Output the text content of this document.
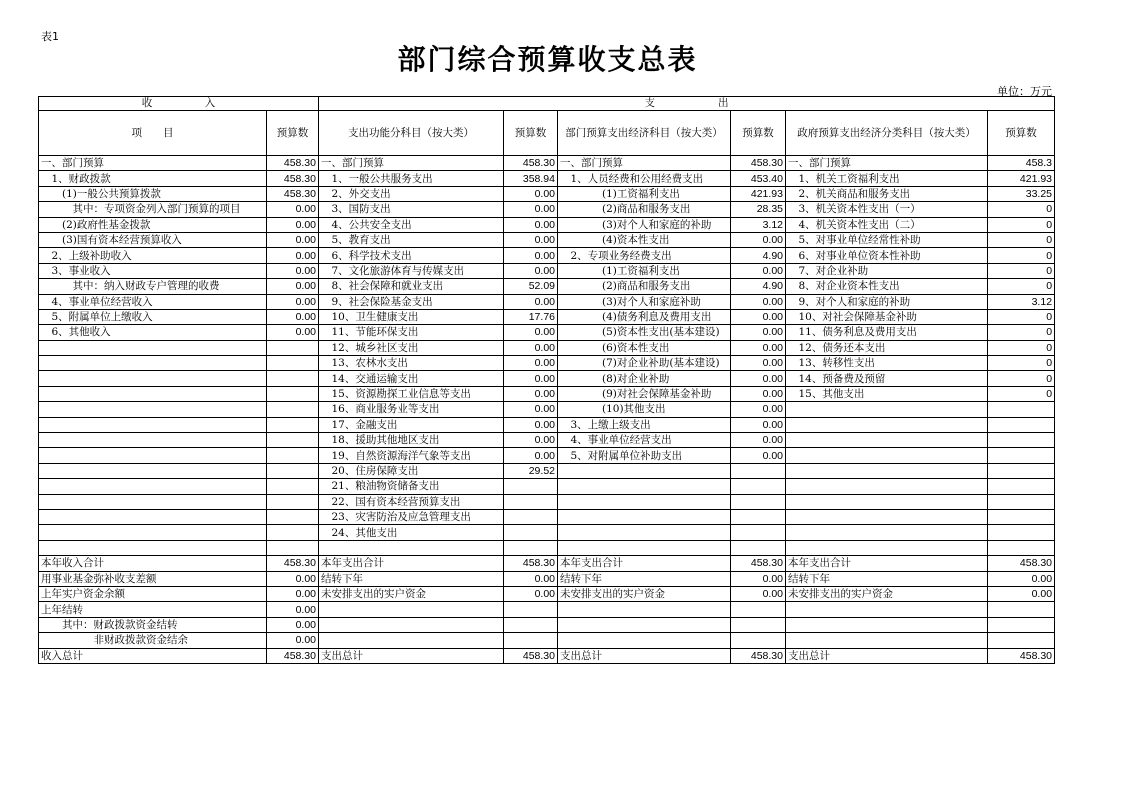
表1
部门综合预算收支总表
单位：万元
收　　　　　入		支　　　　　　出					
项　　目	预算数	支出功能分科目（按大类）	预算数	部门预算支出经济科目（按大类）	预算数	政府预算支出经济分类科目（按大类）	预算数
一、部门预算	458.30	一、部门预算	458.30	一、部门预算	458.30	一、部门预算	458.3
　1、财政拨款	458.30	　1、一般公共服务支出	358.94	　1、人员经费和公用经费支出	453.40	　1、机关工资福利支出	421.93
　　(1)一般公共预算拨款	458.30	　2、外交支出	0.00	　　　　(1)工资福利支出	421.93	　2、机关商品和服务支出	33.25
　　　其中：专项资金列入部门预算的项目	0.00	　3、国防支出	0.00	　　　　(2)商品和服务支出	28.35	　3、机关资本性支出（一）	0
　　(2)政府性基金拨款	0.00	　4、公共安全支出	0.00	　　　　(3)对个人和家庭的补助	3.12	　4、机关资本性支出（二）	0
　　(3)国有资本经营预算收入	0.00	　5、教育支出	0.00	　　　　(4)资本性支出	0.00	　5、对事业单位经常性补助	0
　2、上级补助收入	0.00	　6、科学技术支出	0.00	　2、专项业务经费支出	4.90	　6、对事业单位资本性补助	0
　3、事业收入	0.00	　7、文化旅游体育与传媒支出	0.00	　　　　(1)工资福利支出	0.00	　7、对企业补助	0
　　　其中：纳入财政专户管理的收费	0.00	　8、社会保障和就业支出	52.09	　　　　(2)商品和服务支出	4.90	　8、对企业资本性支出	0
　4、事业单位经营收入	0.00	　9、社会保险基金支出	0.00	　　　　(3)对个人和家庭补助	0.00	　9、对个人和家庭的补助	3.12
　5、附属单位上缴收入	0.00	　10、卫生健康支出	17.76	　　　　(4)债务利息及费用支出	0.00	　10、对社会保障基金补助	0
　6、其他收入	0.00	　11、节能环保支出	0.00	　　　　(5)资本性支出(基本建设)	0.00	　11、债务利息及费用支出	0
		　12、城乡社区支出	0.00	　　　　(6)资本性支出	0.00	　12、债务还本支出	0
		　13、农林水支出	0.00	　　　　(7)对企业补助(基本建设)	0.00	　13、转移性支出	0
		　14、交通运输支出	0.00	　　　　(8)对企业补助	0.00	　14、预备费及预留	0
		　15、资源勘探工业信息等支出	0.00	　　　　(9)对社会保障基金补助	0.00	　15、其他支出	0
		　16、商业服务业等支出	0.00	　　　　(10)其他支出	0.00		
		　17、金融支出	0.00	　3、上缴上级支出	0.00		
		　18、援助其他地区支出	0.00	　4、事业单位经营支出	0.00		
		　19、自然资源海洋气象等支出	0.00	　5、对附属单位补助支出	0.00		
		　20、住房保障支出	29.52				
		　21、粮油物资储备支出					
		　22、国有资本经营预算支出					
		　23、灾害防治及应急管理支出					
		　24、其他支出					

本年收入合计	458.30	本年支出合计	458.30	本年支出合计	458.30	本年支出合计	458.30
用事业基金弥补收支差额	0.00	结转下年	0.00	结转下年	0.00	结转下年	0.00
上年实户资金余额	0.00	未安排支出的实户资金	0.00	未安排支出的实户资金	0.00	未安排支出的实户资金	0.00
上年结转	0.00						
　　其中：财政拨款资金结转	0.00						
　　　　　非财政拨款资金结余	0.00						
收入总计	458.30	支出总计	458.30	支出总计	458.30	支出总计	458.30
